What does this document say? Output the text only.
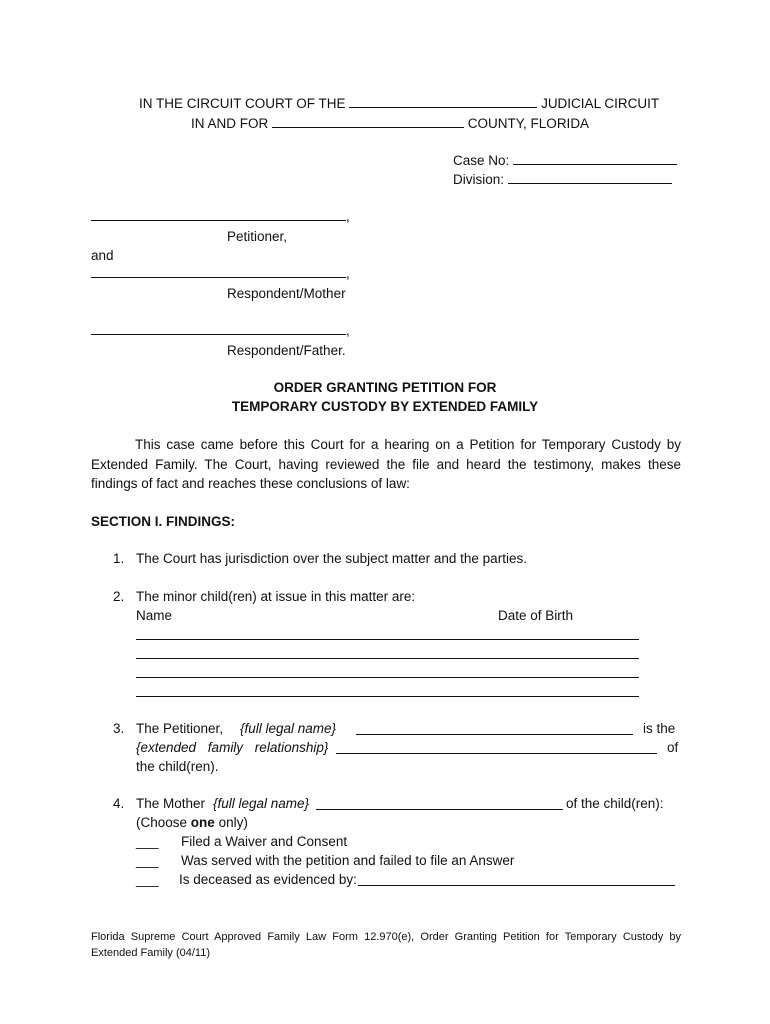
IN THE CIRCUIT COURT OF THE	JUDICIAL CIRCUIT
IN AND FOR	COUNTY, FLORIDA
Case No:
Division:
,
Petitioner,
and
,
Respondent/Mother
,
Respondent/Father.
ORDER GRANTING PETITION FOR
TEMPORARY CUSTODY BY EXTENDED FAMILY
This case came before this Court for a hearing on a Petition for Temporary Custody by Extended Family. The Court, having reviewed the file and heard the testimony, makes these findings of fact and reaches these conclusions of law:
SECTION I. FINDINGS:
1. The Court has jurisdiction over the subject matter and the parties.
2. The minor child(ren) at issue in this matter are:
Name	Date of Birth
3. The Petitioner, {full legal name}	is the
{extended family relationship}	of
the child(ren).
4. The Mother {full legal name}	of the child(ren):
(Choose one only)
___ Filed a Waiver and Consent
___ Was served with the petition and failed to file an Answer
___ Is deceased as evidenced by:
Florida Supreme Court Approved Family Law Form 12.970(e), Order Granting Petition for Temporary Custody by Extended Family (04/11)
